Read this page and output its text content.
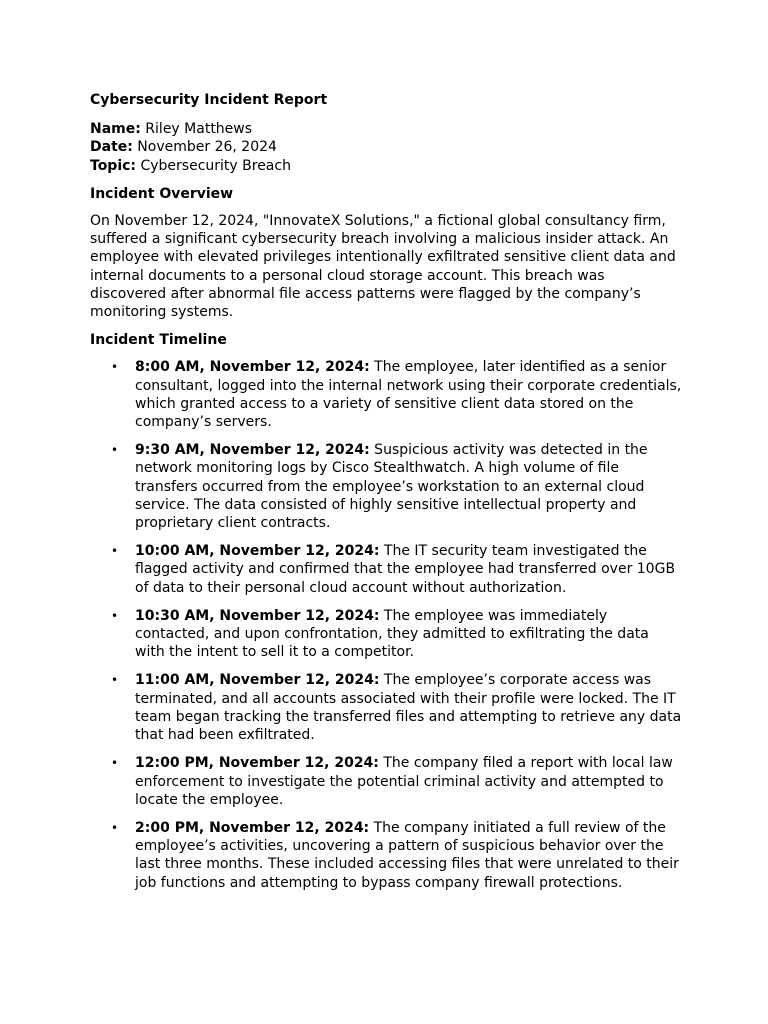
Cybersecurity Incident Report
Name: Riley Matthews
Date: November 26, 2024
Topic: Cybersecurity Breach
Incident Overview
On November 12, 2024, "InnovateX Solutions," a fictional global consultancy firm, suffered a significant cybersecurity breach involving a malicious insider attack. An employee with elevated privileges intentionally exfiltrated sensitive client data and internal documents to a personal cloud storage account. This breach was discovered after abnormal file access patterns were flagged by the company’s monitoring systems.
Incident Timeline
• 8:00 AM, November 12, 2024: The employee, later identified as a senior consultant, logged into the internal network using their corporate credentials, which granted access to a variety of sensitive client data stored on the company’s servers.
• 9:30 AM, November 12, 2024: Suspicious activity was detected in the network monitoring logs by Cisco Stealthwatch. A high volume of file transfers occurred from the employee’s workstation to an external cloud service. The data consisted of highly sensitive intellectual property and proprietary client contracts.
• 10:00 AM, November 12, 2024: The IT security team investigated the flagged activity and confirmed that the employee had transferred over 10GB of data to their personal cloud account without authorization.
• 10:30 AM, November 12, 2024: The employee was immediately contacted, and upon confrontation, they admitted to exfiltrating the data with the intent to sell it to a competitor.
• 11:00 AM, November 12, 2024: The employee’s corporate access was terminated, and all accounts associated with their profile were locked. The IT team began tracking the transferred files and attempting to retrieve any data that had been exfiltrated.
• 12:00 PM, November 12, 2024: The company filed a report with local law enforcement to investigate the potential criminal activity and attempted to locate the employee.
• 2:00 PM, November 12, 2024: The company initiated a full review of the employee’s activities, uncovering a pattern of suspicious behavior over the last three months. These included accessing files that were unrelated to their job functions and attempting to bypass company firewall protections.
